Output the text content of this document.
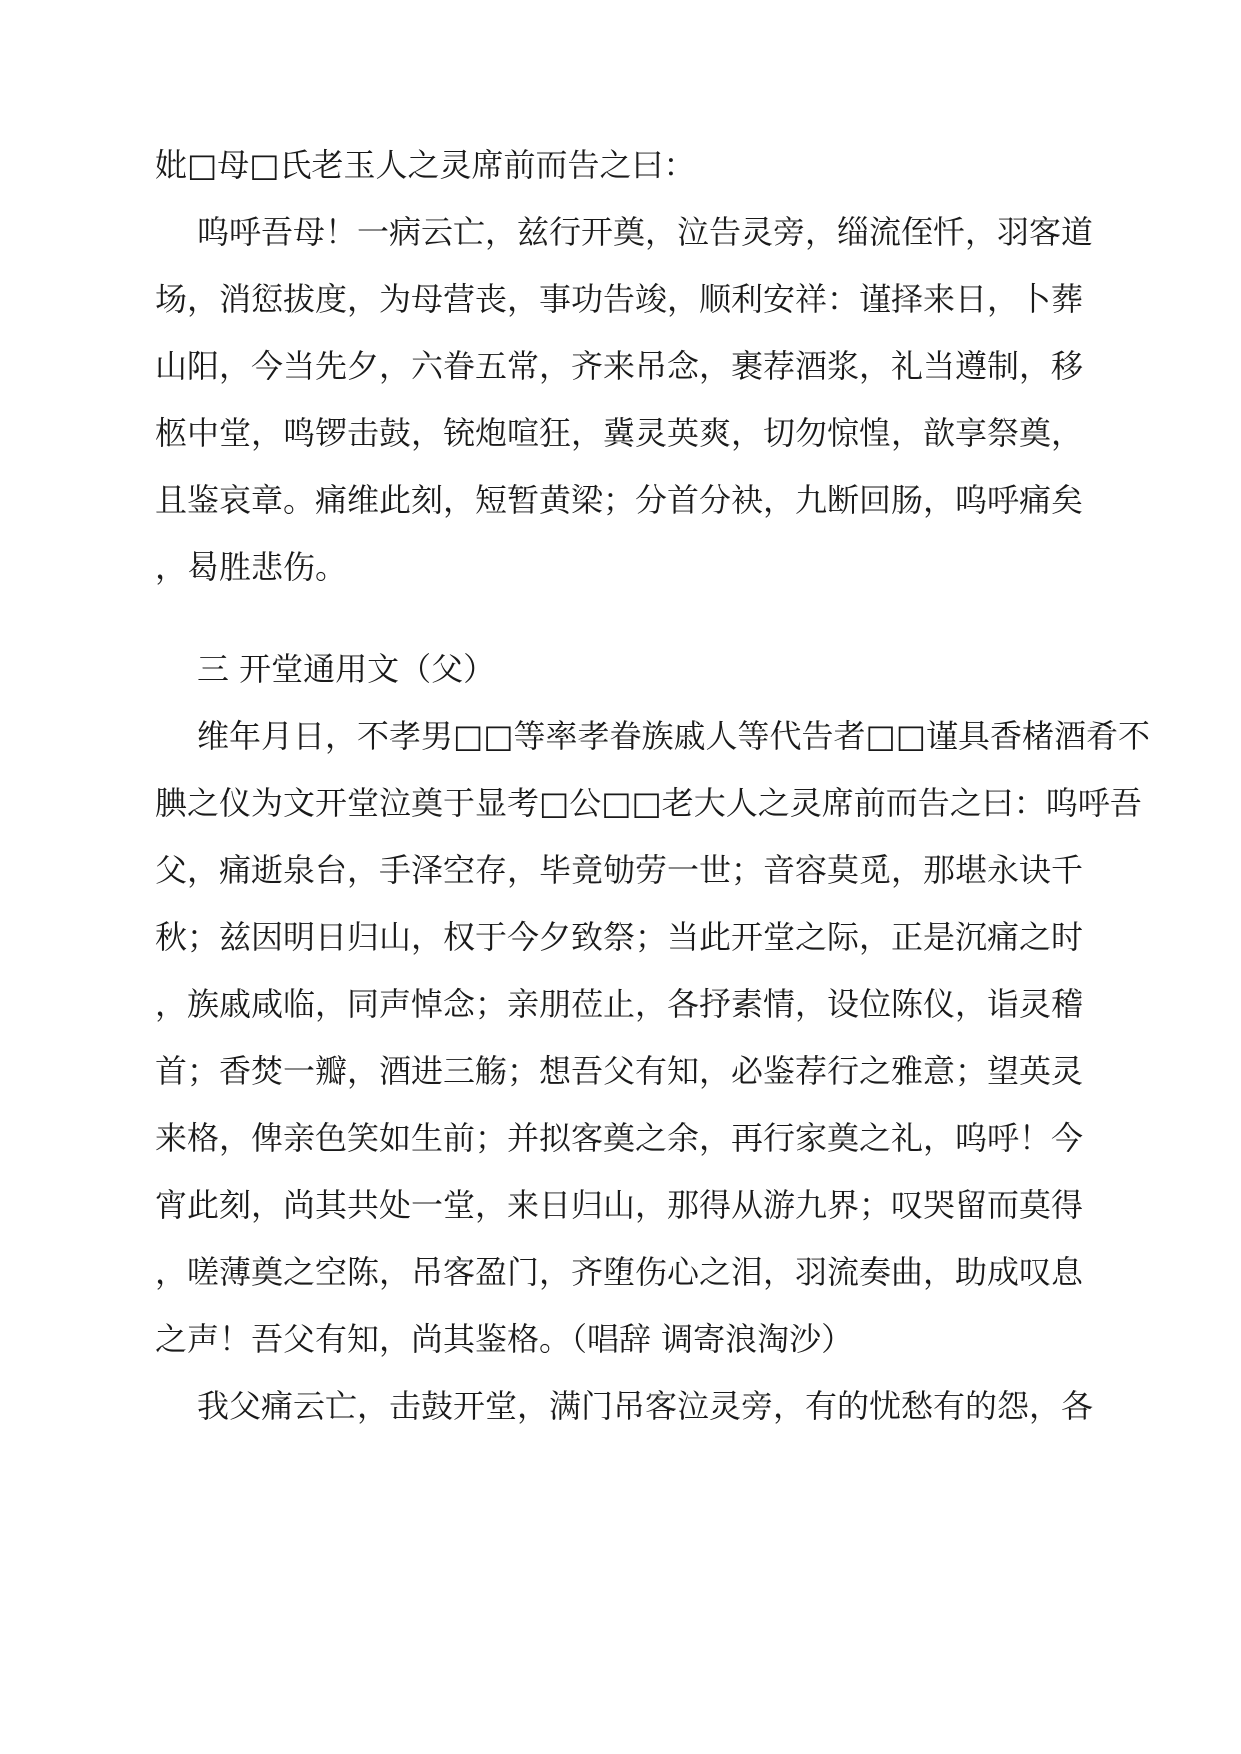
妣□母□氏老玉人之灵席前而告之曰：
呜呼吾母！一病云亡，兹行开奠，泣告灵旁，缁流侄忏，羽客道
场，消愆拔度，为母营丧，事功告竣，顺利安祥：谨择来日，卜葬
山阳，今当先夕，六眷五常，齐来吊念，裹荐酒浆，礼当遵制，移
柩中堂，鸣锣击鼓，铳炮喧狂，冀灵英爽，切勿惊惶，歆享祭奠，
且鉴哀章。痛维此刻，短暂黄梁；分首分袂，九断回肠，呜呼痛矣
，曷胜悲伤。
三 开堂通用文（父）
维年月日，不孝男□□等率孝眷族戚人等代告者□□谨具香楮酒肴不
腆之仪为文开堂泣奠于显考□公□□老大人之灵席前而告之曰：呜呼吾
父，痛逝泉台，手泽空存，毕竟劬劳一世；音容莫觅，那堪永诀千
秋；兹因明日归山，权于今夕致祭；当此开堂之际，正是沉痛之时
，族戚咸临，同声悼念；亲朋莅止，各抒素情，设位陈仪，诣灵稽
首；香焚一瓣，酒进三觞；想吾父有知，必鉴荐行之雅意；望英灵
来格，俾亲色笑如生前；并拟客奠之余，再行家奠之礼，呜呼！今
宵此刻，尚其共处一堂，来日归山，那得从游九界；叹哭留而莫得
，嗟薄奠之空陈，吊客盈门，齐堕伤心之泪，羽流奏曲，助成叹息
之声！吾父有知，尚其鉴格。（唱辞 调寄浪淘沙）
我父痛云亡，击鼓开堂，满门吊客泣灵旁，有的忧愁有的怨，各
